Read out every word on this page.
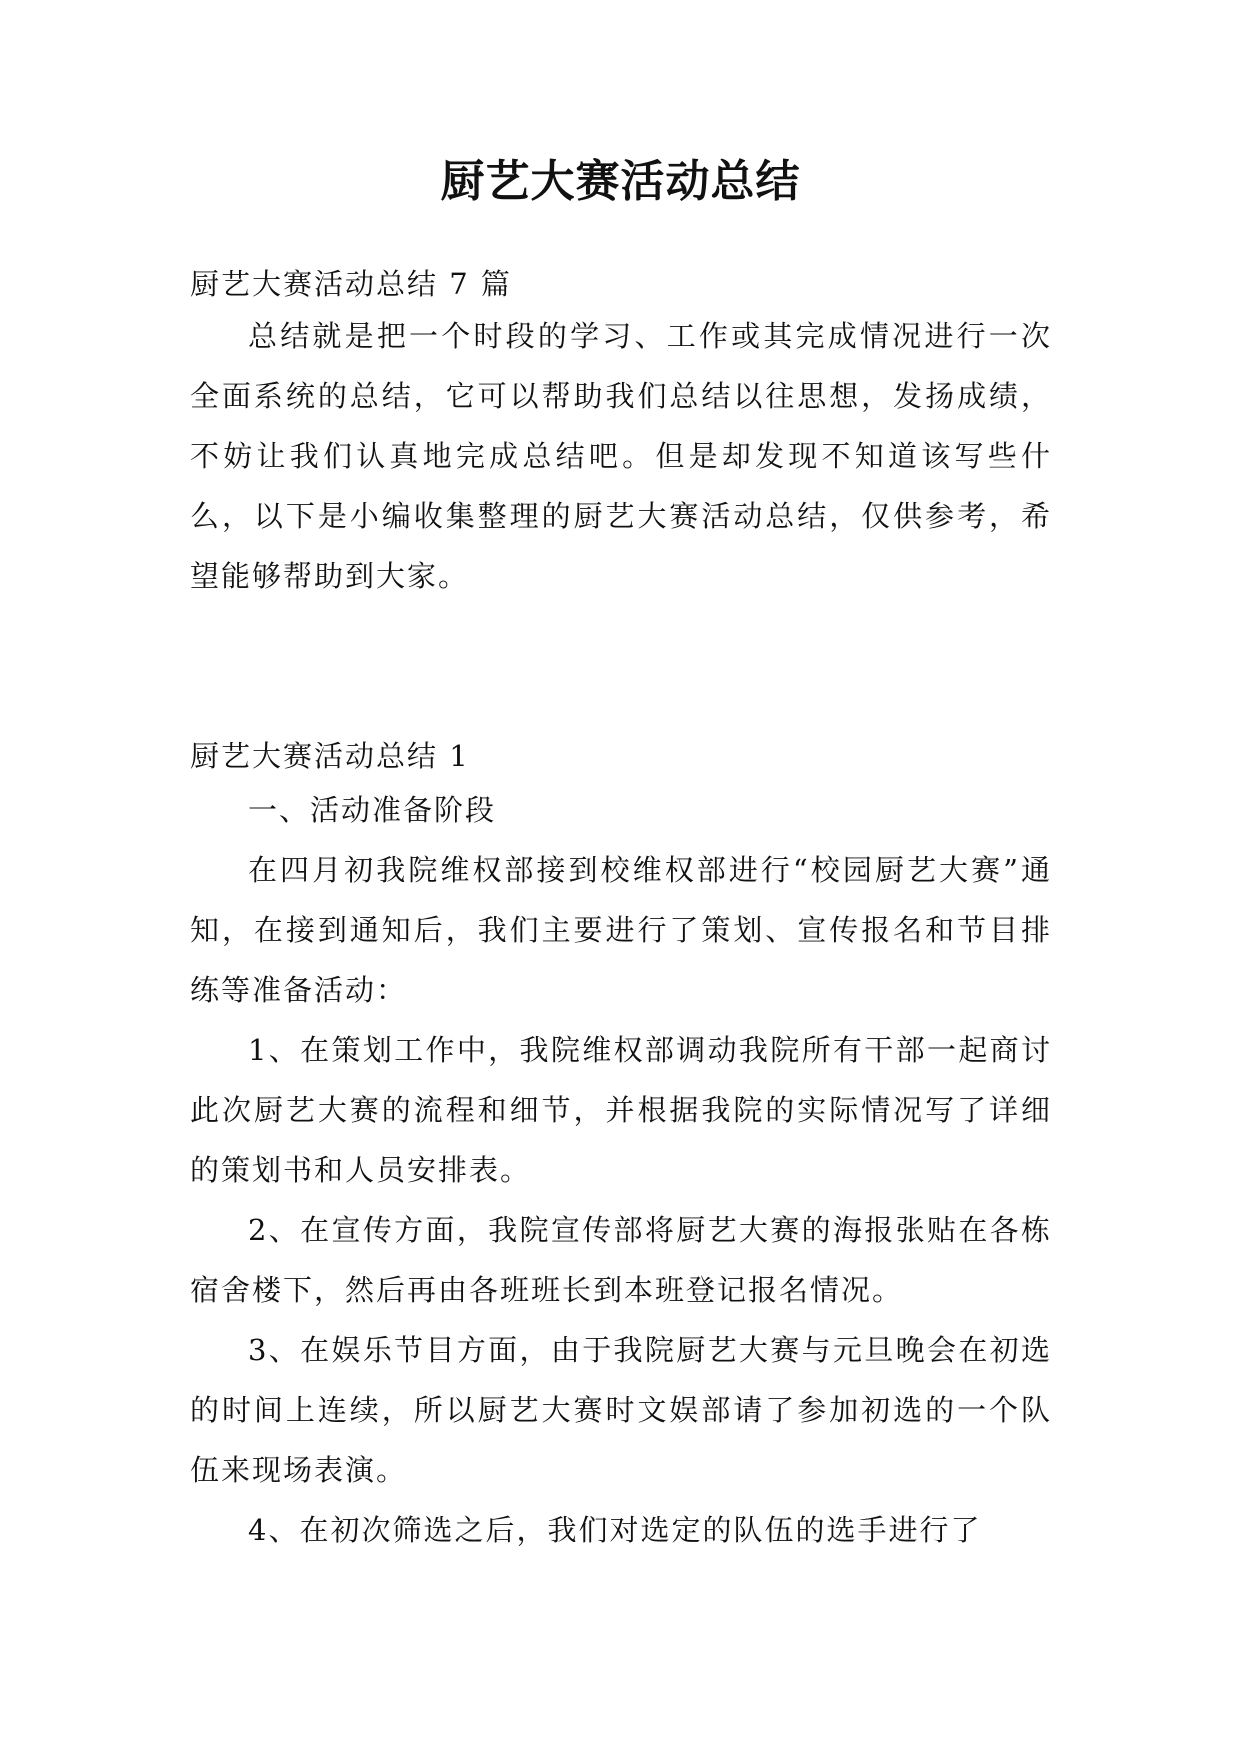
厨艺大赛活动总结
厨艺大赛活动总结 7 篇

总结就是把一个时段的学习、工作或其完成情况进行一次全面系统的总结，它可以帮助我们总结以往思想，发扬成绩，不妨让我们认真地完成总结吧。但是却发现不知道该写些什么，以下是小编收集整理的厨艺大赛活动总结，仅供参考，希望能够帮助到大家。

厨艺大赛活动总结 1

一、活动准备阶段

在四月初我院维权部接到校维权部进行“校园厨艺大赛”通知，在接到通知后，我们主要进行了策划、宣传报名和节目排练等准备活动：

1、在策划工作中，我院维权部调动我院所有干部一起商讨此次厨艺大赛的流程和细节，并根据我院的实际情况写了详细的策划书和人员安排表。

2、在宣传方面，我院宣传部将厨艺大赛的海报张贴在各栋宿舍楼下，然后再由各班班长到本班登记报名情况。

3、在娱乐节目方面，由于我院厨艺大赛与元旦晚会在初选的时间上连续，所以厨艺大赛时文娱部请了参加初选的一个队伍来现场表演。

4、在初次筛选之后，我们对选定的队伍的选手进行了
